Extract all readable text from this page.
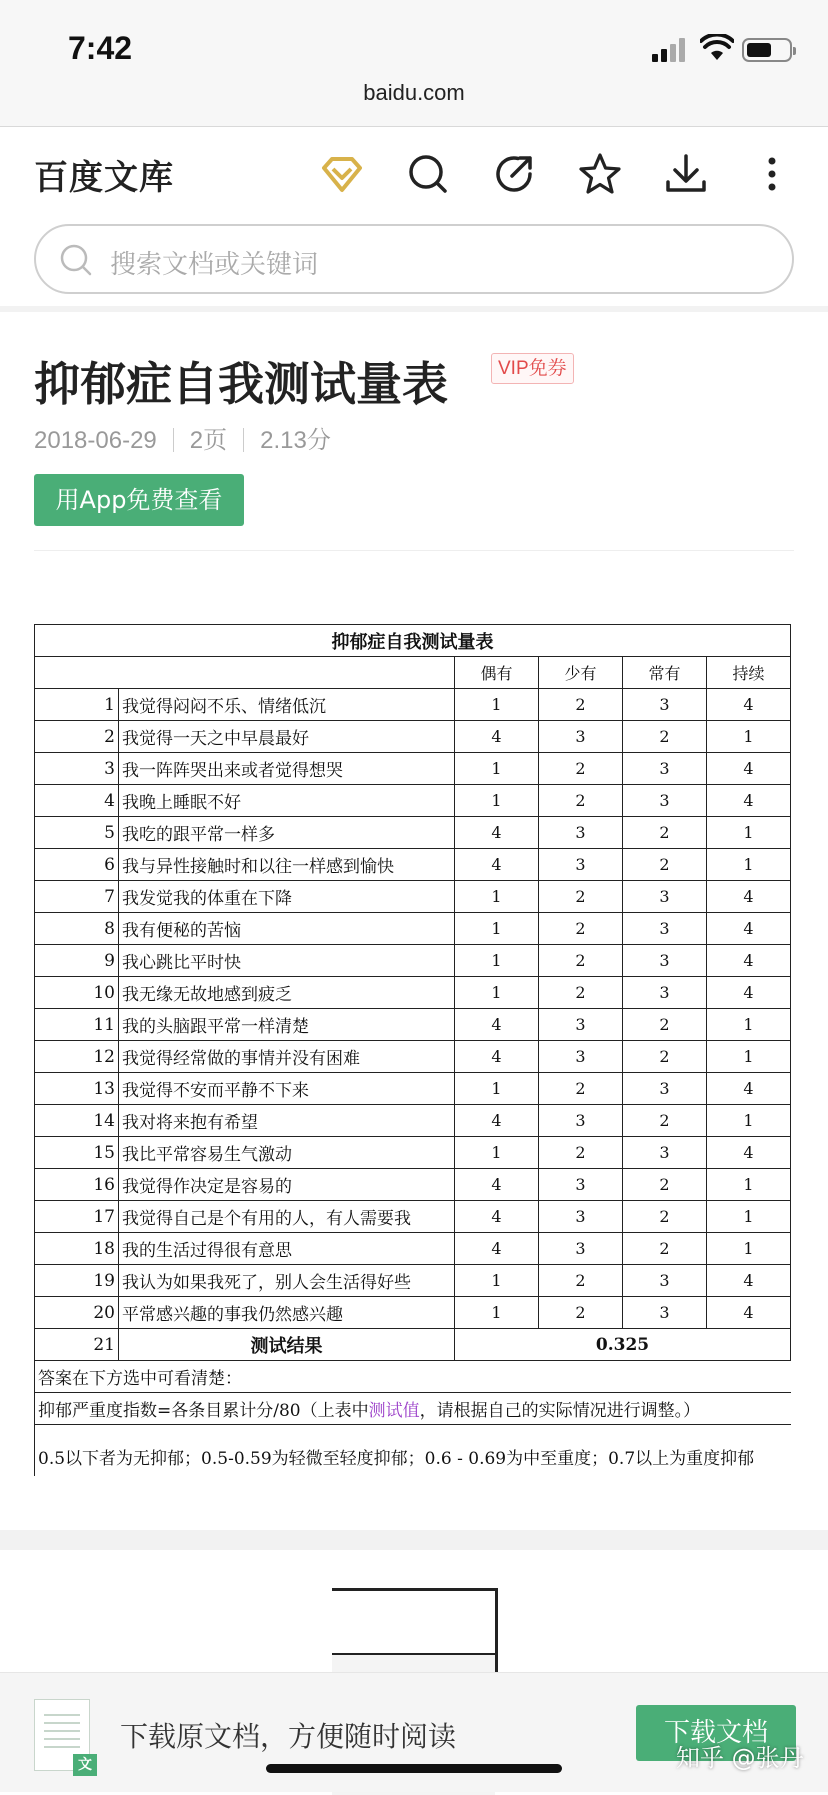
7:42
baidu.com
百度文库
搜索文档或关键词
抑郁症自我测试量表	VIP免券
2018-06-29 2页 2.13分
用App免费查看
抑郁症自我测试量表					
		偶有	少有	常有	持续
1	我觉得闷闷不乐、情绪低沉	1	2	3	4
2	我觉得一天之中早晨最好	4	3	2	1
3	我一阵阵哭出来或者觉得想哭	1	2	3	4
4	我晚上睡眠不好	1	2	3	4
5	我吃的跟平常一样多	4	3	2	1
6	我与异性接触时和以往一样感到愉快	4	3	2	1
7	我发觉我的体重在下降	1	2	3	4
8	我有便秘的苦恼	1	2	3	4
9	我心跳比平时快	1	2	3	4
10	我无缘无故地感到疲乏	1	2	3	4
11	我的头脑跟平常一样清楚	4	3	2	1
12	我觉得经常做的事情并没有困难	4	3	2	1
13	我觉得不安而平静不下来	1	2	3	4
14	我对将来抱有希望	4	3	2	1
15	我比平常容易生气激动	1	2	3	4
16	我觉得作决定是容易的	4	3	2	1
17	我觉得自己是个有用的人，有人需要我	4	3	2	1
18	我的生活过得很有意思	4	3	2	1
19	我认为如果我死了，别人会生活得好些	1	2	3	4
20	平常感兴趣的事我仍然感兴趣	1	2	3	4
21	测试结果	0.325			
答案在下方选中可看清楚：					
抑郁严重度指数=各条目累计分/80（上表中测试值，请根据自己的实际情况进行调整。）					
0.5以下者为无抑郁；0.5-0.59为轻微至轻度抑郁；0.6 - 0.69为中至重度；0.7以上为重度抑郁					
文
下载原文档，方便随时阅读	下载文档
知乎 @张丹
